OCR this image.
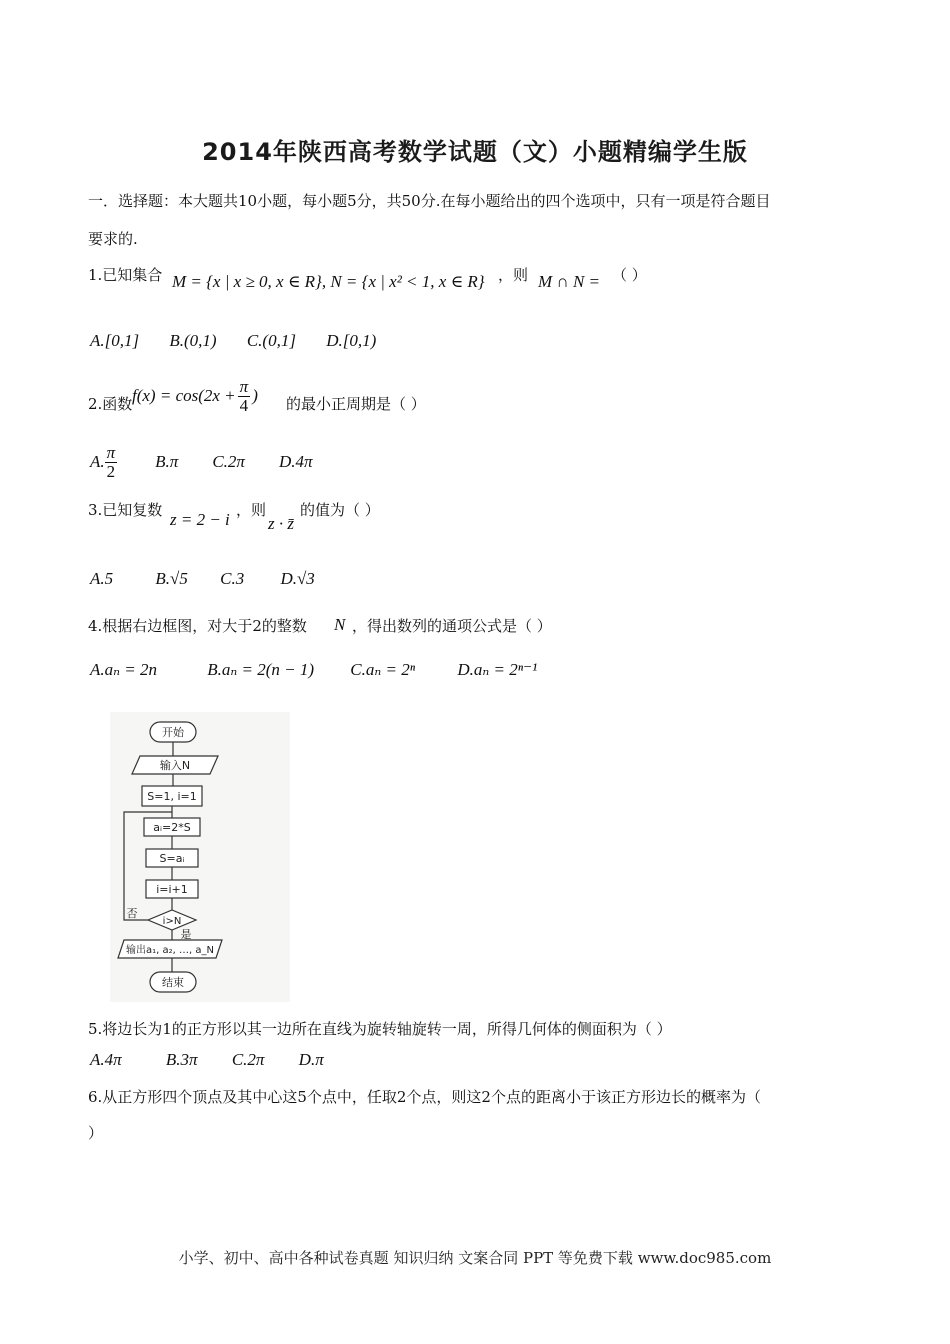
2014年陕西高考数学试题（文）小题精编学生版
一．选择题：本大题共10小题，每小题5分，共50分.在每小题给出的四个选项中，只有一项是符合题目
要求的.
1.已知集合 M = {x | x ≥ 0, x ∈ R}, N = {x | x² < 1, x ∈ R} ，则 M ∩ N = （ ）
A.[0,1] B.(0,1) C.(0,1] D.[0,1)
2.函数 $f(x) = \cos(2x + \frac{\pi}{4}$ ) 的最小正周期是（ ）
A. $\frac{\pi}{2} B.\pi$ C.2π D.4π
3.已知复数 z = 2 − i ，则
z · z̄
的值为（ ）
A.5 B.√5 C.3 D.√3
4.根据右边框图，对大于2的整数 N ，得出数列的通项公式是（ ）
A.aₙ = 2n	B.aₙ = 2(n − 1) C.aₙ = 2ⁿ D.aₙ = 2ⁿ⁻¹
开始
输入N
S=1, i=1
aᵢ=2*S
S=aᵢ
i=i+1
i>N
否
是
输出a₁, a₂, …, a_N
结束
5.将边长为1的正方形以其一边所在直线为旋转轴旋转一周，所得几何体的侧面积为（ ）
A.4π	B.3π C.2π D.π
6.从正方形四个顶点及其中心这5个点中，任取2个点，则这2个点的距离小于该正方形边长的概率为（
）
小学、初中、高中各种试卷真题 知识归纳 文案合同 PPT 等免费下载 www.doc985.com
